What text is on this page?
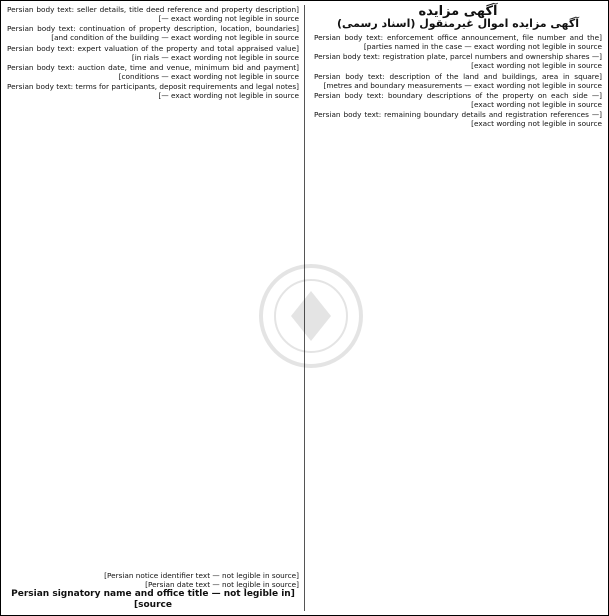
آگهی مزایده
آگهی مزایده اموال غیرمنقول (اسناد رسمی)

[Persian body text: enforcement office announcement, file number and the parties named in the case — exact wording not legible in source]

[Persian body text: registration plate, parcel numbers and ownership shares — exact wording not legible in source]

[Persian body text: description of the land and buildings, area in square metres and boundary measurements — exact wording not legible in source]

[Persian body text: boundary descriptions of the property on each side — exact wording not legible in source]

[Persian body text: remaining boundary details and registration references — exact wording not legible in source]

[Persian body text: seller details, title deed reference and property description — exact wording not legible in source]

[Persian body text: continuation of property description, location, boundaries and condition of the building — exact wording not legible in source]

[Persian body text: expert valuation of the property and total appraised value in rials — exact wording not legible in source]

[Persian body text: auction date, time and venue, minimum bid and payment conditions — exact wording not legible in source]

[Persian body text: terms for participants, deposit requirements and legal notes — exact wording not legible in source]

[Persian notice identifier text — not legible in source]
[Persian date text — not legible in source]
[Persian signatory name and office title — not legible in source]
